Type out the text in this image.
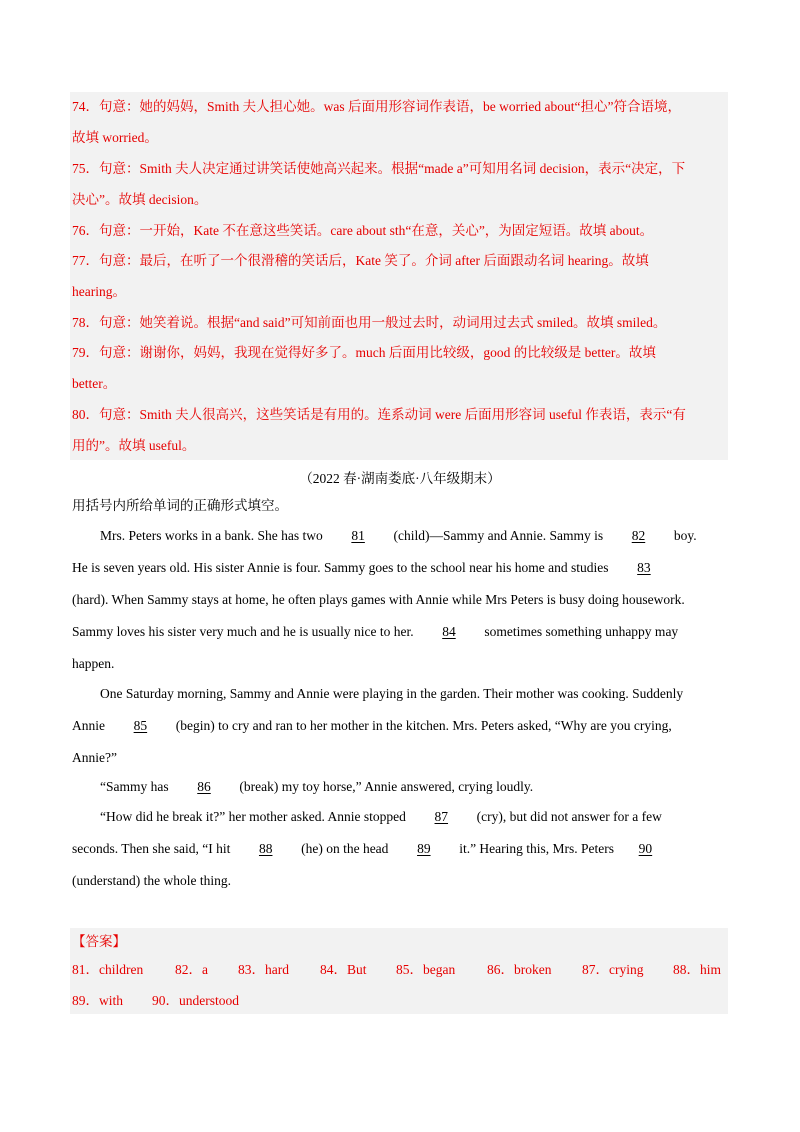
74．句意：她的妈妈，Smith 夫人担心她。was 后面用形容词作表语，be worried about“担心”符合语境，
故填 worried。
75．句意：Smith 夫人决定通过讲笑话使她高兴起来。根据“made a”可知用名词 decision，表示“决定，下
决心”。故填 decision。
76．句意：一开始，Kate 不在意这些笑话。care about sth“在意，关心”，为固定短语。故填 about。
77．句意：最后，在听了一个很滑稽的笑话后，Kate 笑了。介词 after 后面跟动名词 hearing。故填
hearing。
78．句意：她笑着说。根据“and said”可知前面也用一般过去时，动词用过去式 smiled。故填 smiled。
79．句意：谢谢你，妈妈，我现在觉得好多了。much 后面用比较级，good 的比较级是 better。故填
better。
80．句意：Smith 夫人很高兴，这些笑话是有用的。连系动词 were 后面用形容词 useful 作表语，表示“有
用的”。故填 useful。
（2022 春·湖南娄底·八年级期末）
用括号内所给单词的正确形式填空。
Mrs. Peters works in a bank. She has two 81 (child)—Sammy and Annie. Sammy is 82 boy.
He is seven years old. His sister Annie is four. Sammy goes to the school near his home and studies 83
(hard). When Sammy stays at home, he often plays games with Annie while Mrs Peters is busy doing housework.
Sammy loves his sister very much and he is usually nice to her. 84 sometimes something unhappy may
happen.
One Saturday morning, Sammy and Annie were playing in the garden. Their mother was cooking. Suddenly
Annie 85 (begin) to cry and ran to her mother in the kitchen. Mrs. Peters asked, “Why are you crying,
Annie?”
“Sammy has 86 (break) my toy horse,” Annie answered, crying loudly.
“How did he break it?” her mother asked. Annie stopped 87 (cry), but did not answer for a few
seconds. Then she said, “I hit 88 (he) on the head 89 it.” Hearing this, Mrs. Peters 90
(understand) the whole thing.
【答案】
81．children 82．a 83．hard 84．But 85．began 86．broken 87．crying 88．him
89．with 90．understood
